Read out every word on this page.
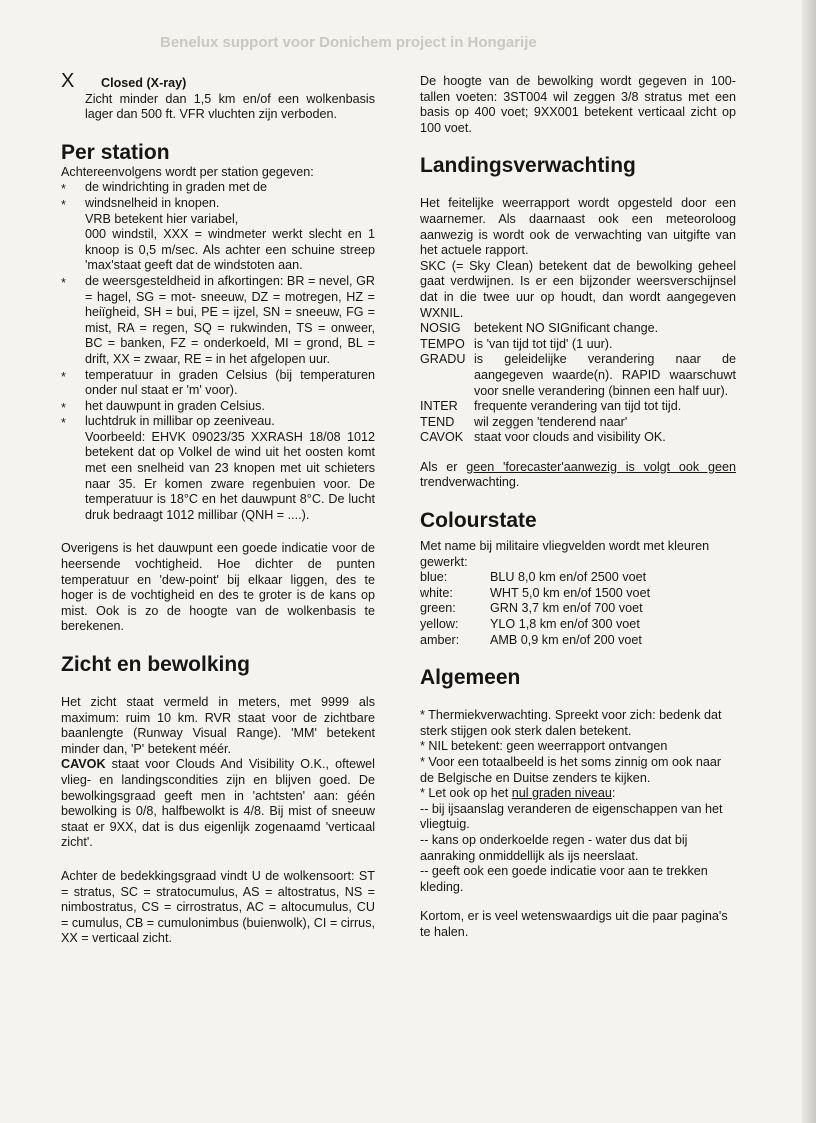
Benelux support voor Donichem project in Hongarije
X	Closed (X-ray)

Zicht minder dan 1,5 km en/of een wolkenbasis lager dan 500 ft. VFR vluchten zijn verboden.

Per station

Achtereenvolgens wordt per station gegeven:

* de windrichting in graden met de
* windsnelheid in knopen.
VRB betekent hier variabel,
000 windstil, XXX = windmeter werkt slecht en 1 knoop is 0,5 m/sec. Als achter een schuine streep 'max'staat geeft dat de windstoten aan.
* de weersgesteldheid in afkortingen: BR = nevel, GR = hagel, SG = mot- sneeuw, DZ = motregen, HZ = heiïgheid, SH = bui, PE = ijzel, SN = sneeuw, FG = mist, RA = regen, SQ = rukwinden, TS = onweer, BC = banken, FZ = onderkoeld, MI = grond, BL = drift, XX = zwaar, RE = in het afgelopen uur.
* temperatuur in graden Celsius (bij temperaturen onder nul staat er 'm' voor).
* het dauwpunt in graden Celsius.
* luchtdruk in millibar op zeeniveau.

Voorbeeld: EHVK 09023/35 XXRASH 18/08 1012 betekent dat op Volkel de wind uit het oosten komt met een snelheid van 23 knopen met uit schieters naar 35. Er komen zware regenbuien voor. De temperatuur is 18°C en het dauwpunt 8°C. De lucht druk bedraagt 1012 millibar (QNH = ....).

Overigens is het dauwpunt een goede indicatie voor de heersende vochtigheid. Hoe dichter de punten temperatuur en 'dew-point' bij elkaar liggen, des te hoger is de vochtigheid en des te groter is de kans op mist. Ook is zo de hoogte van de wolkenbasis te berekenen.

Zicht en bewolking

Het zicht staat vermeld in meters, met 9999 als maximum: ruim 10 km. RVR staat voor de zichtbare baanlengte (Runway Visual Range). 'MM' betekent minder dan, 'P' betekent méér.

CAVOK staat voor Clouds And Visibility O.K., oftewel vlieg- en landingscondities zijn en blijven goed. De bewolkingsgraad geeft men in 'achtsten' aan: géén bewolking is 0/8, halfbewolkt is 4/8. Bij mist of sneeuw staat er 9XX, dat is dus eigenlijk zogenaamd 'verticaal zicht'.

Achter de bedekkingsgraad vindt U de wolkensoort: ST = stratus, SC = stratocumulus, AS = altostratus, NS = nimbostratus, CS = cirrostratus, AC = altocumulus, CU = cumulus, CB = cumulonimbus (buienwolk), CI = cirrus, XX = verticaal zicht.

De hoogte van de bewolking wordt gegeven in 100- tallen voeten: 3ST004 wil zeggen 3/8 stratus met een basis op 400 voet; 9XX001 betekent verticaal zicht op 100 voet.

Landingsverwachting

Het feitelijke weerrapport wordt opgesteld door een waarnemer. Als daarnaast ook een meteoroloog aanwezig is wordt ook de verwachting van uitgifte van het actuele rapport.

SKC (= Sky Clean) betekent dat de bewolking geheel gaat verdwijnen. Is er een bijzonder weersverschijnsel dat in die twee uur op houdt, dan wordt aangegeven WXNIL.

NOSIG	betekent NO SIGnificant change.
TEMPO is 'van tijd tot tijd' (1 uur).
GRADU is geleidelijke verandering naar de aangegeven waarde(n). RAPID waarschuwt voor snelle verandering (binnen een half uur).
INTER	frequente verandering van tijd tot tijd.
TEND	wil zeggen 'tenderend naar'
CAVOK staat voor clouds and visibility OK.

Als er geen 'forecaster'aanwezig is volgt ook geen trendverwachting.

Colourstate

Met name bij militaire vliegvelden wordt met kleuren gewerkt:

blue:	BLU 8,0 km en/of 2500 voet
white:	WHT 5,0 km en/of 1500 voet
green:	GRN 3,7 km en/of 700 voet
yellow:	YLO 1,8 km en/of 300 voet
amber:	AMB 0,9 km en/of 200 voet
Algemeen

* Thermiekverwachting. Spreekt voor zich: bedenk dat sterk stijgen ook sterk dalen betekent.

* NIL betekent: geen weerrapport ontvangen

* Voor een totaalbeeld is het soms zinnig om ook naar de Belgische en Duitse zenders te kijken.

* Let ook op het nul graden niveau:

-- bij ijsaanslag veranderen de eigenschappen van het vliegtuig.

-- kans op onderkoelde regen - water dus dat bij aanraking onmiddellijk als ijs neerslaat.

-- geeft ook een goede indicatie voor aan te trekken kleding.

Kortom, er is veel wetenswaardigs uit die paar pagina's te halen.
